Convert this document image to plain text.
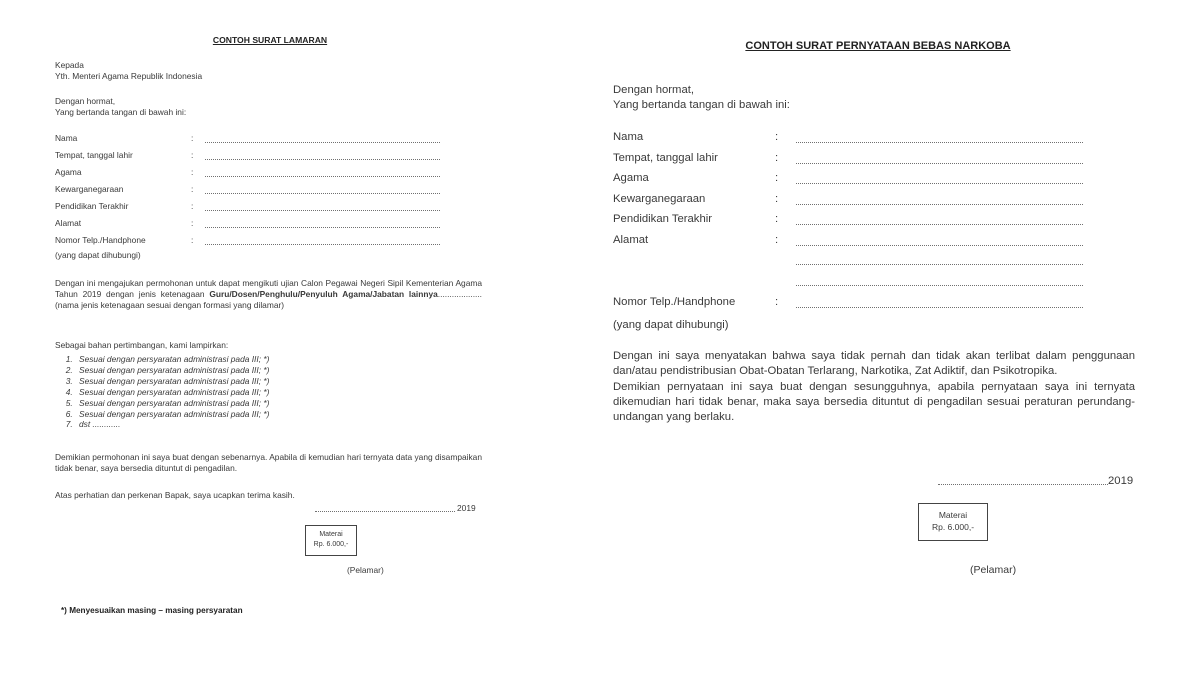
CONTOH SURAT LAMARAN

Kepada

Yth. Menteri Agama Republik Indonesia

Dengan hormat,

Yang bertanda tangan di bawah ini:

Nama	:
Tempat, tanggal lahir	:
Agama	:
Kewarganegaraan	:
Pendidikan Terakhir	:
Alamat	:
Nomor Telp./Handphone	:

(yang dapat dihubungi)

Dengan ini mengajukan permohonan untuk dapat mengikuti ujian Calon Pegawai Negeri Sipil Kementerian Agama Tahun 2019 dengan jenis ketenagaan Guru/Dosen/Penghulu/Penyuluh Agama/Jabatan lainnya...................(nama jenis ketenagaan sesuai dengan formasi yang dilamar)

Sebagai bahan pertimbangan, kami lampirkan:

1. Sesuai dengan persyaratan administrasi pada III; *)
2. Sesuai dengan persyaratan administrasi pada III; *)
3. Sesuai dengan persyaratan administrasi pada III; *)
4. Sesuai dengan persyaratan administrasi pada III; *)
5. Sesuai dengan persyaratan administrasi pada III; *)
6. Sesuai dengan persyaratan administrasi pada III; *)
7. dst ............

Demikian permohonan ini saya buat dengan sebenarnya. Apabila di kemudian hari ternyata data yang disampaikan tidak benar, saya bersedia dituntut di pengadilan.

Atas perhatian dan perkenan Bapak, saya ucapkan terima kasih.

2019
Materai
Rp. 6.000,-
(Pelamar)
*) Menyesuaikan masing – masing persyaratan
CONTOH SURAT PERNYATAAN BEBAS NARKOBA

Dengan hormat,

Yang bertanda tangan di bawah ini:

Nama	:
Tempat, tanggal lahir	:
Agama	:
Kewarganegaraan	:
Pendidikan Terakhir	:
Alamat	:
Nomor Telp./Handphone	:

(yang dapat dihubungi)

Dengan ini saya menyatakan bahwa saya tidak pernah dan tidak akan terlibat dalam penggunaan dan/atau pendistribusian Obat-Obatan Terlarang, Narkotika, Zat Adiktif, dan Psikotropika.

Demikian pernyataan ini saya buat dengan sesungguhnya, apabila pernyataan saya ini ternyata dikemudian hari tidak benar, maka saya bersedia dituntut di pengadilan sesuai peraturan perundang-undangan yang berlaku.

2019
Materai
Rp. 6.000,-
(Pelamar)
